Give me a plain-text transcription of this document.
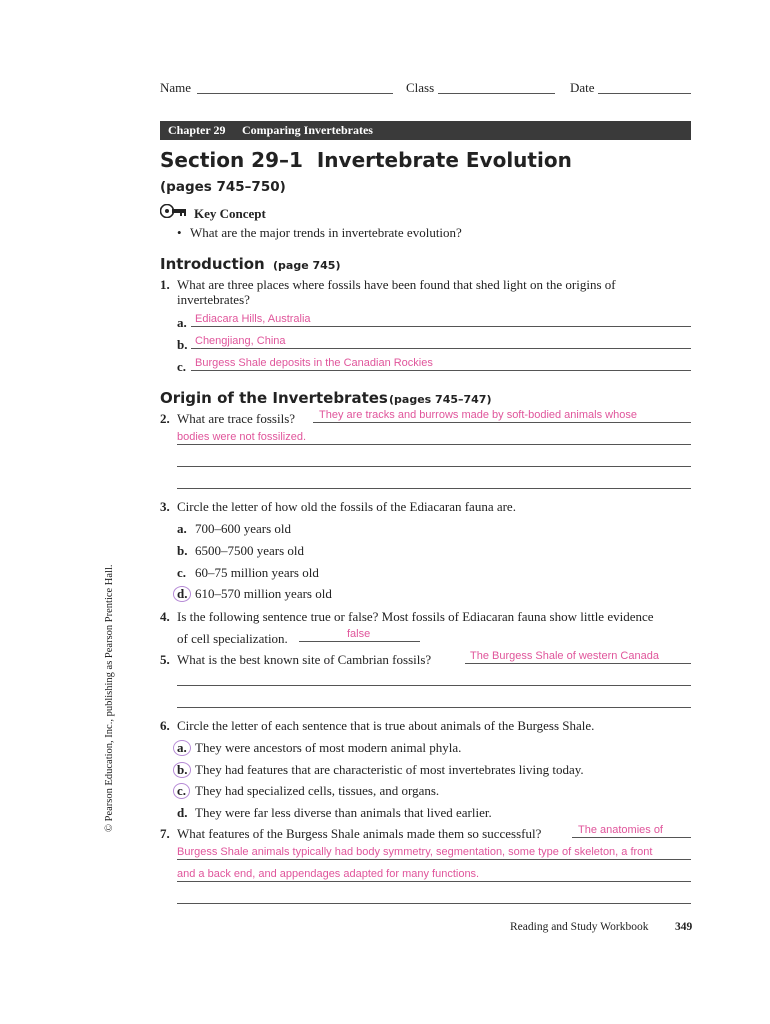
Name	Class	Date
Chapter 29 Comparing Invertebrates
Section 29–1  Invertebrate Evolution
(pages 745–750)
Key Concept
• What are the major trends in invertebrate evolution?
Introduction (page 745)
1. What are three places where fossils have been found that shed light on the origins of
invertebrates?
a. Ediacara Hills, Australia
b. Chengjiang, China
c. Burgess Shale deposits in the Canadian Rockies
Origin of the Invertebrates (pages 745–747)
2. What are trace fossils? They are tracks and burrows made by soft-bodied animals whose
bodies were not fossilized.
3. Circle the letter of how old the fossils of the Ediacaran fauna are.
a. 700–600 years old
b. 6500–7500 years old
c. 60–75 million years old
d. 610–570 million years old
4. Is the following sentence true or false? Most fossils of Ediacaran fauna show little evidence
of cell specialization.	false
5. What is the best known site of Cambrian fossils?	The Burgess Shale of western Canada
6. Circle the letter of each sentence that is true about animals of the Burgess Shale.
a. They were ancestors of most modern animal phyla.
b. They had features that are characteristic of most invertebrates living today.
c. They had specialized cells, tissues, and organs.
d. They were far less diverse than animals that lived earlier.
7. What features of the Burgess Shale animals made them so successful?	The anatomies of
Burgess Shale animals typically had body symmetry, segmentation, some type of skeleton, a front
and a back end, and appendages adapted for many functions.
Reading and Study Workbook 349
© Pearson Education, Inc., publishing as Pearson Prentice Hall.
